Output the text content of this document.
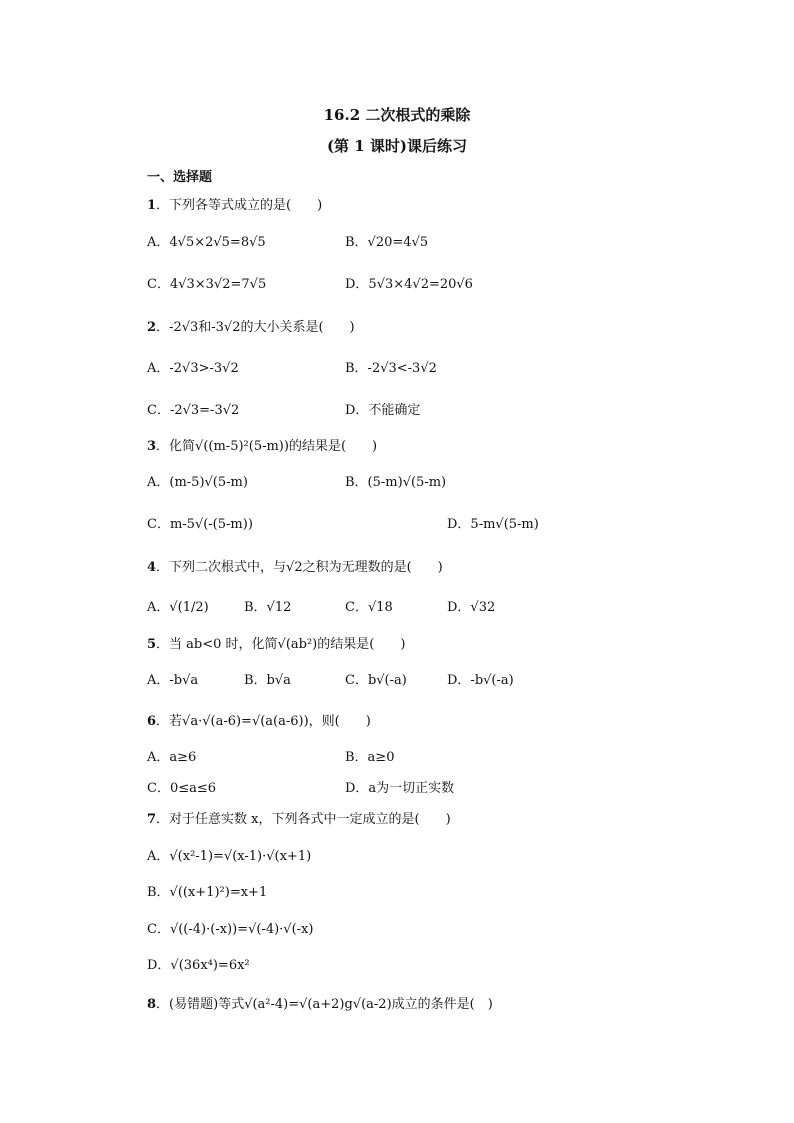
16.2 二次根式的乘除
(第 1 课时)课后练习
一、选择题
1．下列各等式成立的是(　　)
A．4√5×2√5=8√5	B．√20=4√5
C．4√3×3√2=7√5	D．5√3×4√2=20√6
2．-2√3和-3√2的大小关系是(　　)
A．-2√3>-3√2	B．-2√3<-3√2
C．-2√3=-3√2	D．不能确定
3．化简√((m-5)²(5-m))的结果是(　　)
A．(m-5)√(5-m)	B．(5-m)√(5-m)
C．m-5√(-(5-m))	D．5-m√(5-m)
4．下列二次根式中，与√2之积为无理数的是(　　)
A．√(1/2)	B．√12	C．√18	D．√32
5．当 ab<0 时，化简√(ab²)的结果是(　　)
A．-b√a	B．b√a	C．b√(-a)	D．-b√(-a)
6．若√a·√(a-6)=√(a(a-6))，则(　　)
A．a≥6	B．a≥0
C．0≤a≤6	D．a为一切正实数
7．对于任意实数 x，下列各式中一定成立的是(　　)
A．√(x²-1)=√(x-1)·√(x+1)
B．√((x+1)²)=x+1
C．√((-4)·(-x))=√(-4)·√(-x)
D．√(36x⁴)=6x²
8．(易错题)等式√(a²-4)=√(a+2)g√(a-2)成立的条件是(　)
